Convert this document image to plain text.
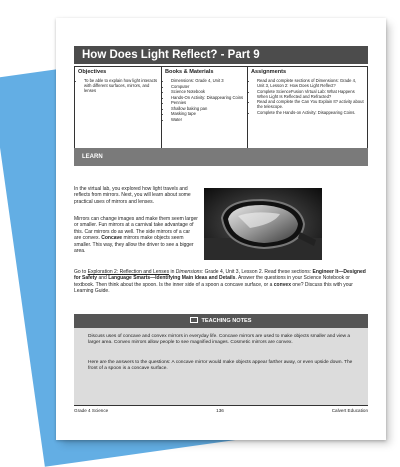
How Does Light Reflect? - Part 9
Objectives
• To be able to explain how light interacts with different surfaces, mirrors, and lenses
Books & Materials
• Dimensions: Grade 4, Unit 3
• Computer
• Science Notebook
• Hands-On Activity: Disappearing Coins
• Pennies
• Shallow baking pan
• Masking tape
• Water
Assignments
• Read and complete sections of Dimensions: Grade 4, Unit 3, Lesson 2: How Does Light Reflect?
• Complete ScienceFusion Virtual Lab: What Happens When Light Is Reflected and Refracted?
• Read and complete the Can You Explain It? activity about the telescope.
• Complete the Hands-on Activity: Disappearing Coins.
LEARN

In the virtual lab, you explored how light travels and reflects from mirrors. Next, you will learn about some practical uses of mirrors and lenses.

Mirrors can change images and make them seem larger or smaller. Fun mirrors at a carnival take advantage of this. Car mirrors do as well. The side mirrors of a car are convex. Concave mirrors make objects seem smaller. This way, they allow the driver to see a bigger area.

Go to Exploration 2: Reflection and Lenses in Dimensions: Grade 4, Unit 3, Lesson 2. Read these sections: Engineer It—Designed for Safety and Language Smarts—Identifying Main Ideas and Details. Answer the questions in your Science Notebook or textbook. Then think about the spoon. Is the inner side of a spoon a concave surface, or a convex one? Discuss this with your Learning Guide.

TEACHING NOTES

Discuss uses of concave and convex mirrors in everyday life. Concave mirrors are used to make objects smaller and view a larger area. Convex mirrors allow people to see magnified images. Cosmetic mirrors are convex.

Here are the answers to the questions: A concave mirror would make objects appear farther away, or even upside down. The front of a spoon is a concave surface.

Grade 4 Science	136	Calvert Education
